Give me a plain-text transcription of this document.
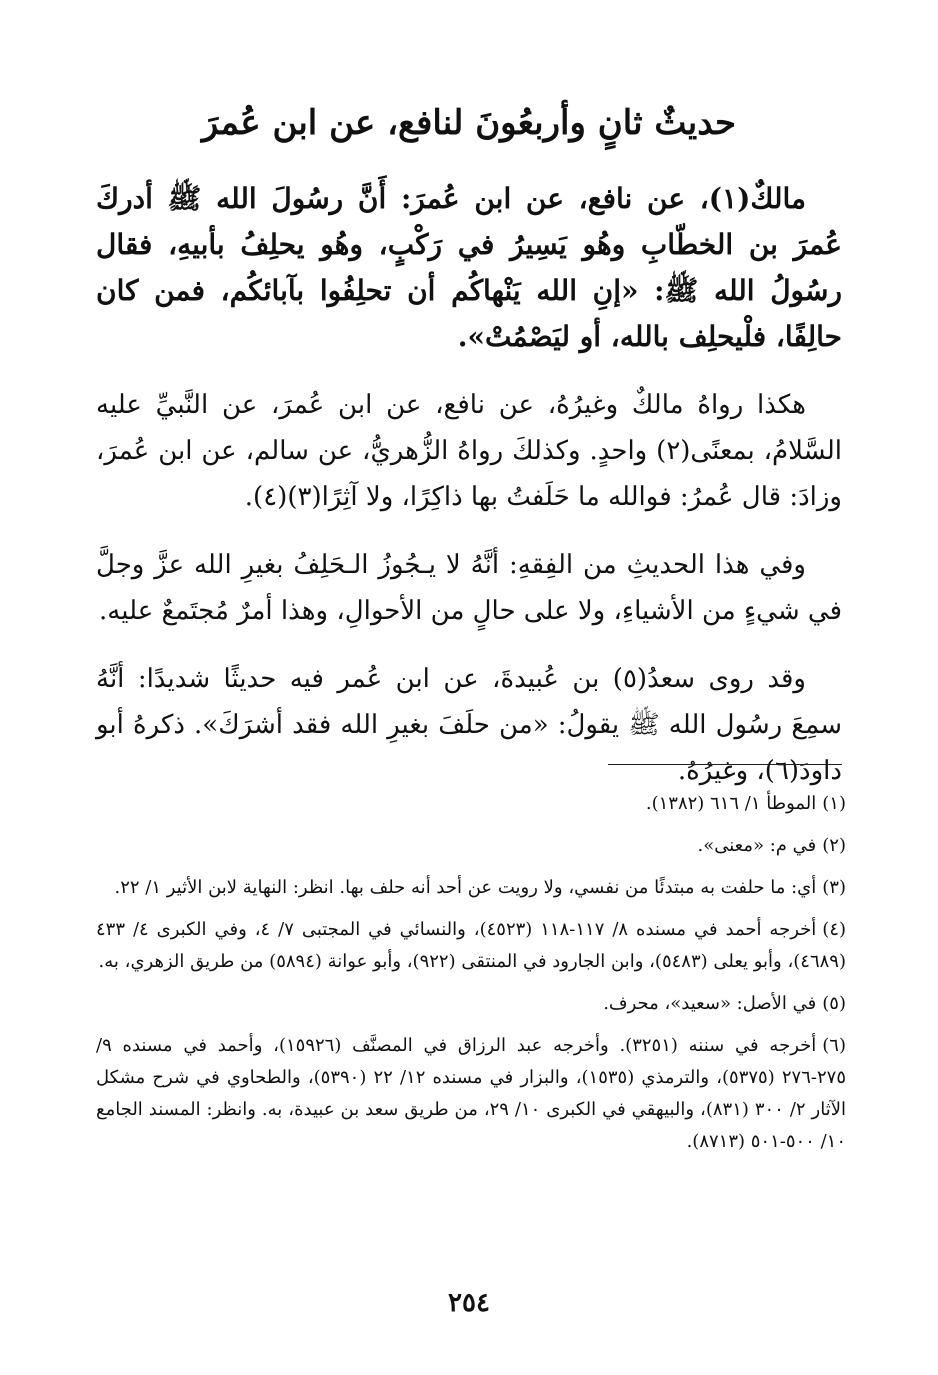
حديثٌ ثانٍ وأربعُونَ لنافع، عن ابن عُمرَ

مالكٌ(١)، عن نافع، عن ابن عُمرَ: أَنَّ رسُولَ الله ﷺ أدركَ عُمرَ بن الخطّابِ وهُو يَسِيرُ في رَكْبٍ، وهُو يحلِفُ بأبيهِ، فقال رسُولُ الله ﷺ: «إنِ الله يَنْهاكُم أن تحلِفُوا بآبائكُم، فمن كان حالِفًا، فلْيحلِف بالله، أو ليَصْمُتْ».

هكذا رواهُ مالكٌ وغيرُهُ، عن نافع، عن ابن عُمرَ، عن النَّبيِّ عليه السَّلامُ، بمعنًى(٢) واحدٍ. وكذلكَ رواهُ الزُّهريُّ، عن سالم، عن ابن عُمرَ، وزادَ: قال عُمرُ: فوالله ما حَلَفتُ بها ذاكِرًا، ولا آثِرًا(٣)(٤).

وفي هذا الحديثِ من الفِقهِ: أنَّهُ لا يـجُوزُ الـحَلِفُ بغيرِ الله عزَّ وجلَّ في شيءٍ من الأشياءِ، ولا على حالٍ من الأحوالِ، وهذا أمرٌ مُجتَمعٌ عليه.

وقد روى سعدُ(٥) بن عُبيدةَ، عن ابن عُمر فيه حديثًا شديدًا: أنَّهُ سمِعَ رسُول الله ﷺ يقولُ: «من حلَفَ بغيرِ الله فقد أشرَكَ». ذكرهُ أبو داودَ(٦)، وغيرُهُ.

(١)الموطأ ١/ ٦١٦ (١٣٨٢).

(٢)في م: «معنى».

(٣)أي: ما حلفت به مبتدئًا من نفسي، ولا رويت عن أحد أنه حلف بها. انظر: النهاية لابن الأثير ١/ ٢٢.

(٤)أخرجه أحمد في مسنده ٨/ ١١٧-١١٨ (٤٥٢٣)، والنسائي في المجتبى ٧/ ٤، وفي الكبرى ٤/ ٤٣٣ (٤٦٨٩)، وأبو يعلى (٥٤٨٣)، وابن الجارود في المنتقى (٩٢٢)، وأبو عوانة (٥٨٩٤) من طريق الزهري، به.

(٥)في الأصل: «سعيد»، محرف.

(٦)أخرجه في سننه (٣٢٥١). وأخرجه عبد الرزاق في المصنَّف (١٥٩٢٦)، وأحمد في مسنده ٩/ ٢٧٥-٢٧٦ (٥٣٧٥)، والترمذي (١٥٣٥)، والبزار في مسنده ١٢/ ٢٢ (٥٣٩٠)، والطحاوي في شرح مشكل الآثار ٢/ ٣٠٠ (٨٣١)، والبيهقي في الكبرى ١٠/ ٢٩، من طريق سعد بن عبيدة، به. وانظر: المسند الجامع ١٠/ ٥٠٠-٥٠١ (٨٧١٣).

٢٥٤
